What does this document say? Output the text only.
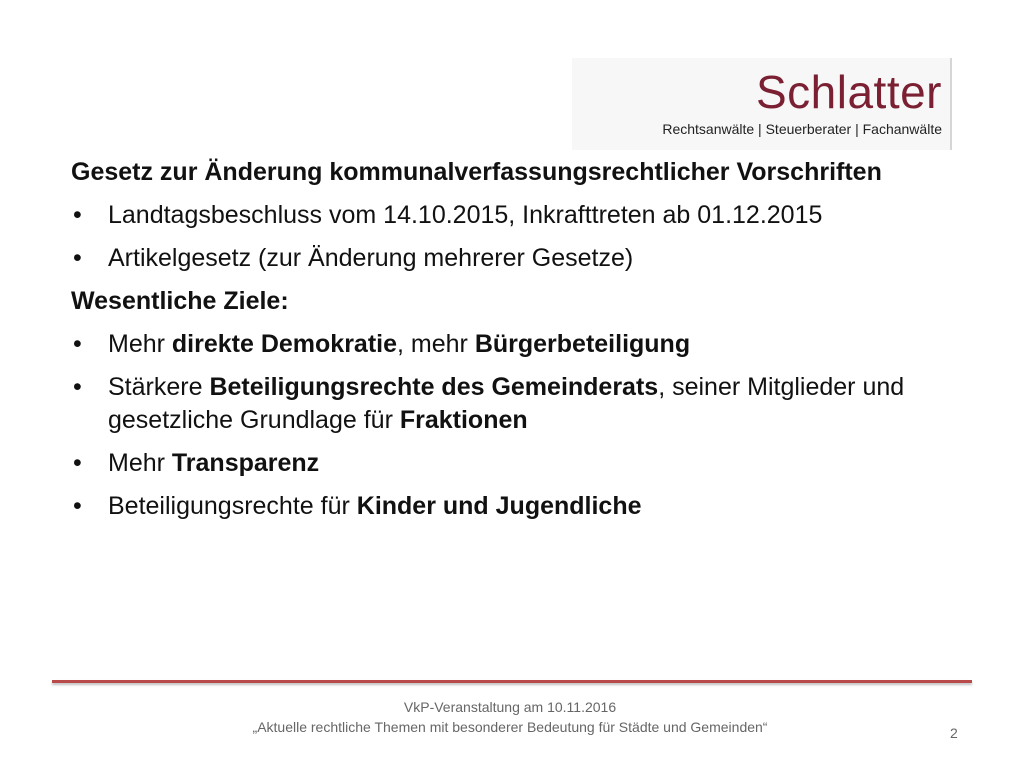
Schlatter
Rechtsanwälte | Steuerberater | Fachanwälte
Gesetz zur Änderung kommunalverfassungsrechtlicher Vorschriften
• Landtagsbeschluss vom 14.10.2015, Inkrafttreten ab 01.12.2015
• Artikelgesetz (zur Änderung mehrerer Gesetze)
Wesentliche Ziele:
• Mehr direkte Demokratie, mehr Bürgerbeteiligung
• Stärkere Beteiligungsrechte des Gemeinderats, seiner Mitglieder und gesetzliche Grundlage für Fraktionen
• Mehr Transparenz
• Beteiligungsrechte für Kinder und Jugendliche
VkP-Veranstaltung am 10.11.2016
„Aktuelle rechtliche Themen mit besonderer Bedeutung für Städte und Gemeinden“	2
